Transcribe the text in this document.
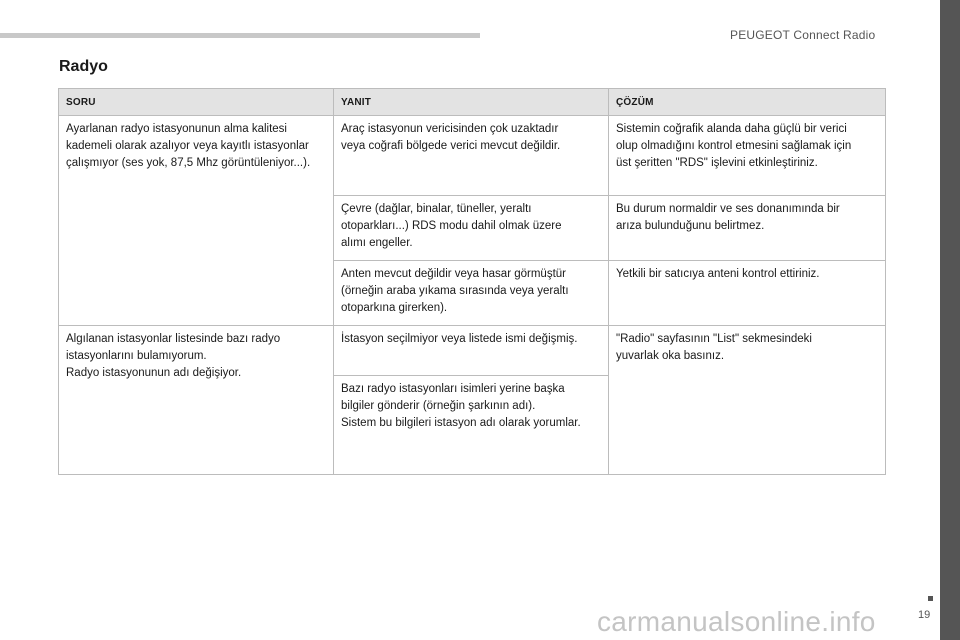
PEUGEOT Connect Radio
Radyo
SORU	YANIT	ÇÖZÜM

Ayarlanan radyo istasyonunun alma kalitesi
kademeli olarak azalıyor veya kayıtlı istasyonlar
çalışmıyor (ses yok, 87,5 Mhz görüntüleniyor...).	Araç istasyonun vericisinden çok uzaktadır
veya coğrafi bölgede verici mevcut değildir.	Sistemin coğrafik alanda daha güçlü bir verici
olup olmadığını kontrol etmesini sağlamak için
üst şeritten "RDS" işlevini etkinleştiriniz.

	Çevre (dağlar, binalar, tüneller, yeraltı
otoparkları...) RDS modu dahil olmak üzere
alımı engeller.	Bu durum normaldir ve ses donanımında bir
arıza bulunduğunu belirtmez.

	Anten mevcut değildir veya hasar görmüştür
(örneğin araba yıkama sırasında veya yeraltı
otoparkına girerken).	Yetkili bir satıcıya anteni kontrol ettiriniz.

Algılanan istasyonlar listesinde bazı radyo
istasyonlarını bulamıyorum.
Radyo istasyonunun adı değişiyor.	İstasyon seçilmiyor veya listede ismi değişmiş.	"Radio" sayfasının "List" sekmesindeki
yuvarlak oka basınız.

	Bazı radyo istasyonları isimleri yerine başka
bilgiler gönderir (örneğin şarkının adı).
Sistem bu bilgileri istasyon adı olarak yorumlar.	
19
carmanualsonline.info
